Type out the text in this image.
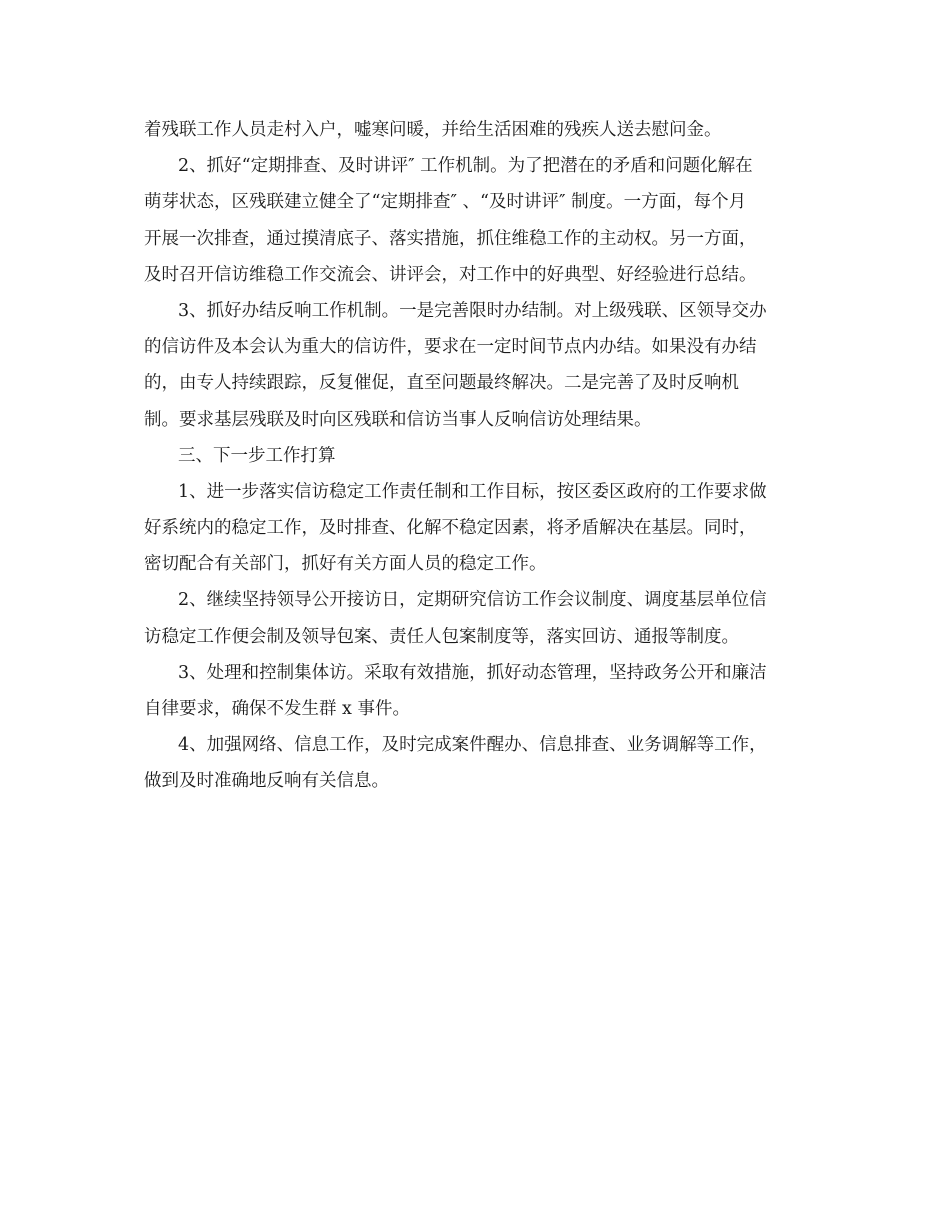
着残联工作人员走村入户，嘘寒问暖，并给生活困难的残疾人送去慰问金。
2、抓好“定期排查、及时讲评″ 工作机制。为了把潜在的矛盾和问题化解在
萌芽状态，区残联建立健全了“定期排查″ 、“及时讲评″ 制度。一方面，每个月
开展一次排查，通过摸清底子、落实措施，抓住维稳工作的主动权。另一方面，
及时召开信访维稳工作交流会、讲评会，对工作中的好典型、好经验进行总结。
3、抓好办结反响工作机制。一是完善限时办结制。对上级残联、区领导交办
的信访件及本会认为重大的信访件，要求在一定时间节点内办结。如果没有办结
的，由专人持续跟踪，反复催促，直至问题最终解决。二是完善了及时反响机
制。要求基层残联及时向区残联和信访当事人反响信访处理结果。
三、下一步工作打算
1、进一步落实信访稳定工作责任制和工作目标，按区委区政府的工作要求做
好系统内的稳定工作，及时排查、化解不稳定因素，将矛盾解决在基层。同时，
密切配合有关部门，抓好有关方面人员的稳定工作。
2、继续坚持领导公开接访日，定期研究信访工作会议制度、调度基层单位信
访稳定工作便会制及领导包案、责任人包案制度等，落实回访、通报等制度。
3、处理和控制集体访。采取有效措施，抓好动态管理，坚持政务公开和廉洁
自律要求，确保不发生群 x 事件。
4、加强网络、信息工作，及时完成案件醒办、信息排查、业务调解等工作，
做到及时准确地反响有关信息。
